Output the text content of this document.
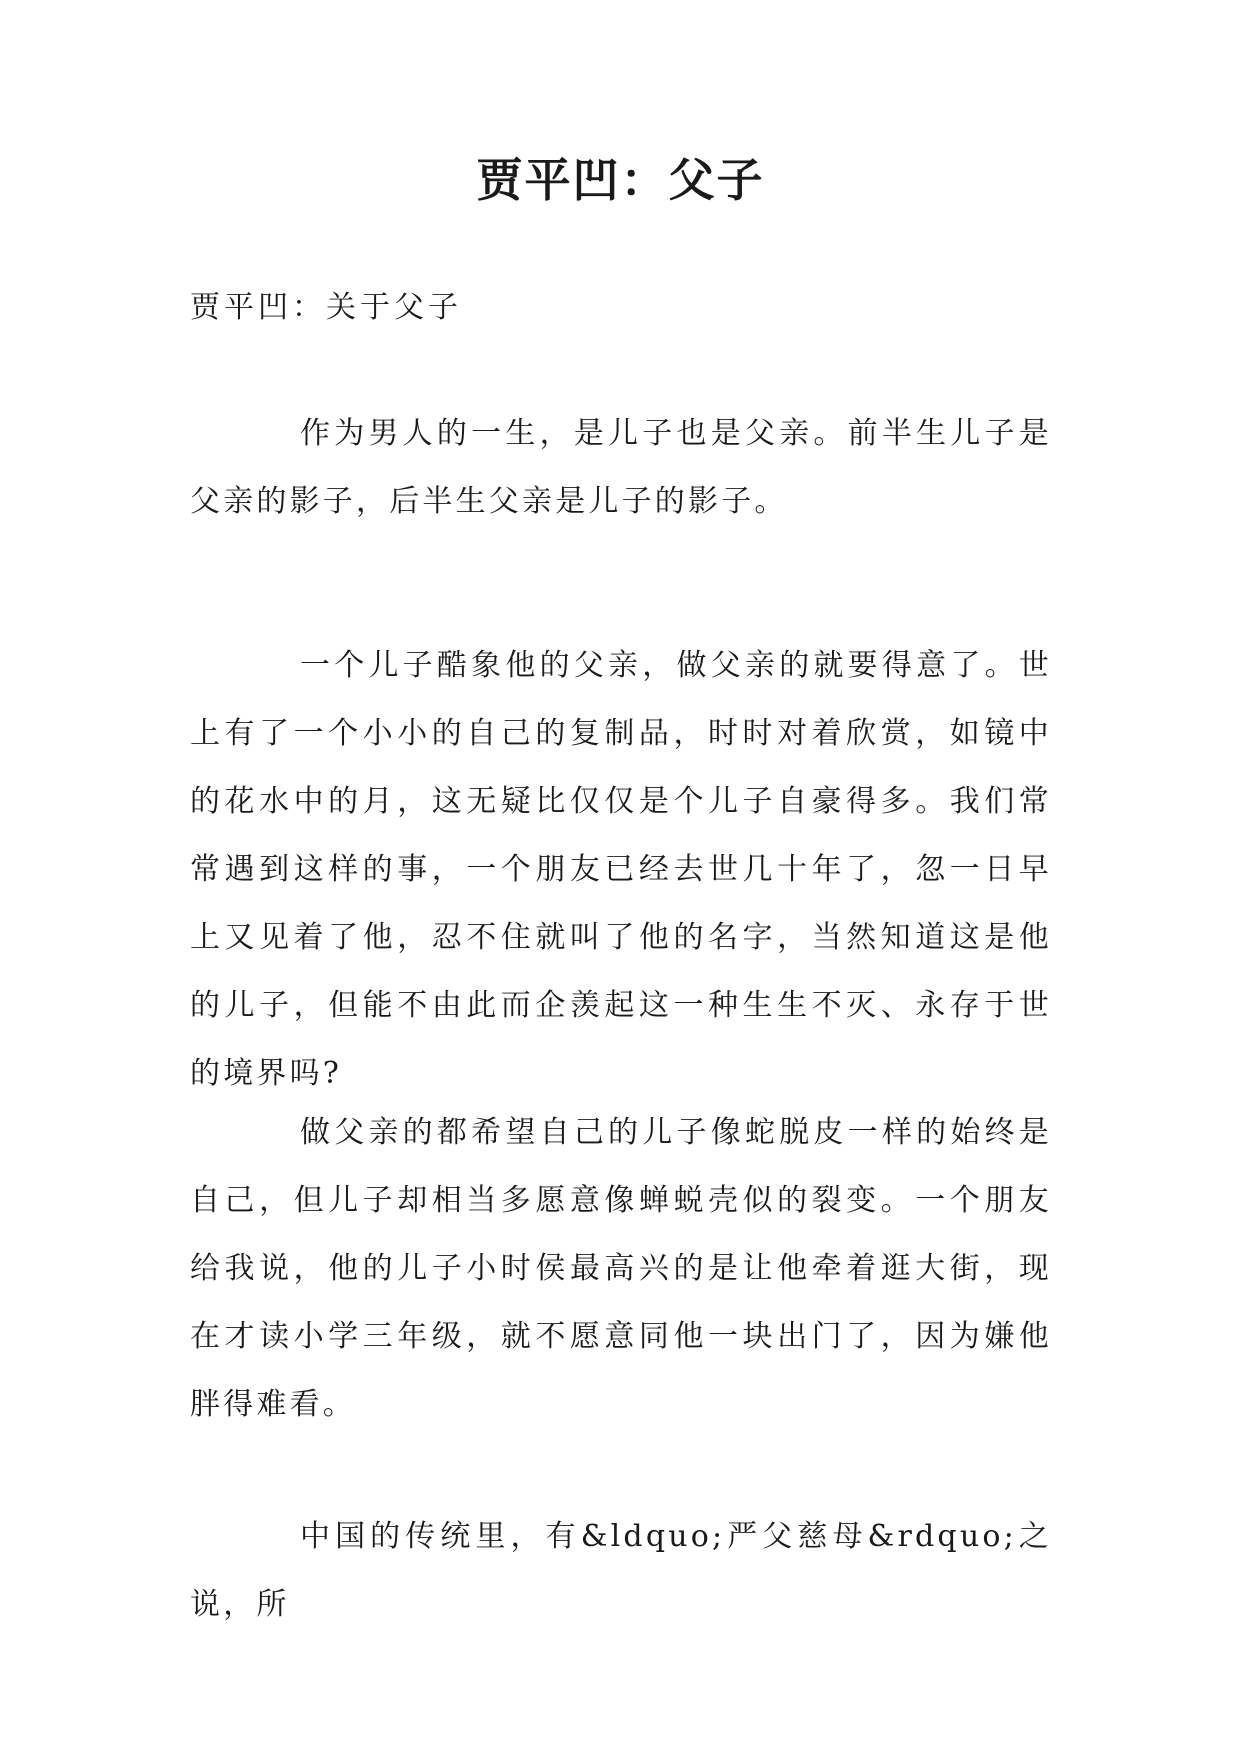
贾平凹：父子

贾平凹：关于父子

作为男人的一生，是儿子也是父亲。前半生儿子是父亲的影子，后半生父亲是儿子的影子。

一个儿子酷象他的父亲，做父亲的就要得意了。世上有了一个小小的自己的复制品，时时对着欣赏，如镜中的花水中的月，这无疑比仅仅是个儿子自豪得多。我们常常遇到这样的事，一个朋友已经去世几十年了，忽一日早上又见着了他，忍不住就叫了他的名字，当然知道这是他的儿子，但能不由此而企羡起这一种生生不灭、永存于世的境界吗?

做父亲的都希望自己的儿子像蛇脱皮一样的始终是自己，但儿子却相当多愿意像蝉蜕壳似的裂变。一个朋友给我说，他的儿子小时侯最高兴的是让他牵着逛大街，现在才读小学三年级，就不愿意同他一块出门了，因为嫌他胖得难看。

中国的传统里，有&ldquo;严父慈母&rdquo;之说，所
